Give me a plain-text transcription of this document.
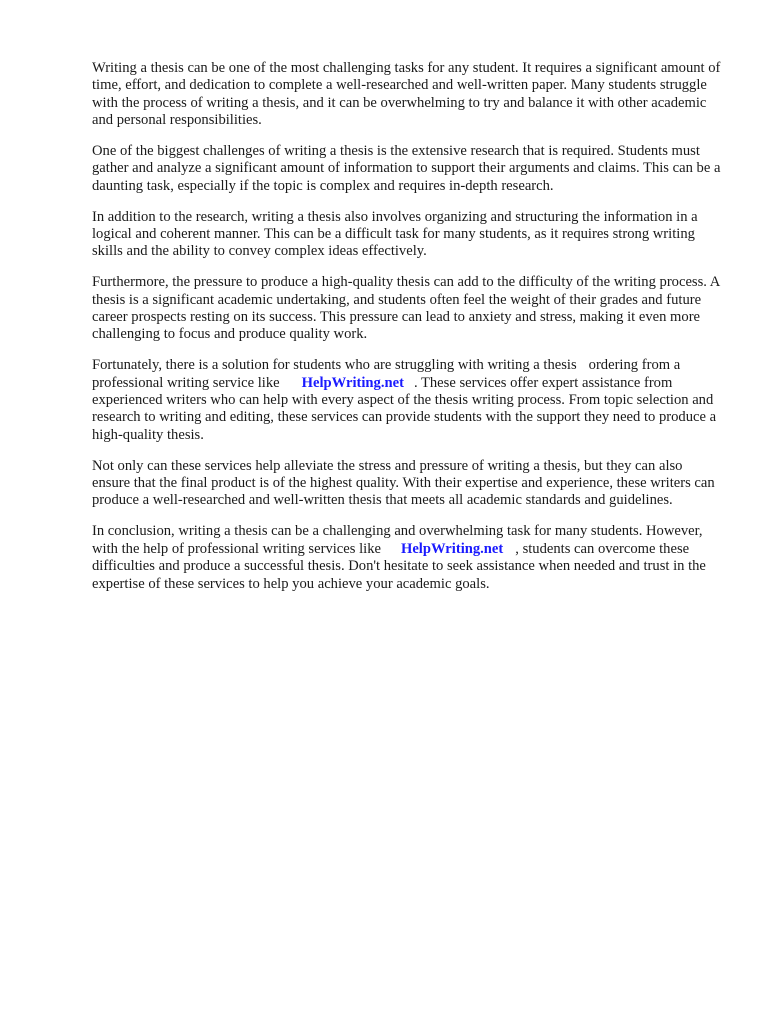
Writing a thesis can be one of the most challenging tasks for any student. It requires a significant amount of time, effort, and dedication to complete a well-researched and well-written paper. Many students struggle with the process of writing a thesis, and it can be overwhelming to try and balance it with other academic and personal responsibilities.

One of the biggest challenges of writing a thesis is the extensive research that is required. Students must gather and analyze a significant amount of information to support their arguments and claims. This can be a daunting task, especially if the topic is complex and requires in-depth research.

In addition to the research, writing a thesis also involves organizing and structuring the information in a logical and coherent manner. This can be a difficult task for many students, as it requires strong writing skills and the ability to convey complex ideas effectively.

Furthermore, the pressure to produce a high-quality thesis can add to the difficulty of the writing process. A thesis is a significant academic undertaking, and students often feel the weight of their grades and future career prospects resting on its success. This pressure can lead to anxiety and stress, making it even more challenging to focus and produce quality work.

Fortunately, there is a solution for students who are struggling with writing a thesis ordering from a professional writing service like HelpWriting.net . These services offer expert assistance from experienced writers who can help with every aspect of the thesis writing process. From topic selection and research to writing and editing, these services can provide students with the support they need to produce a high-quality thesis.

Not only can these services help alleviate the stress and pressure of writing a thesis, but they can also ensure that the final product is of the highest quality. With their expertise and experience, these writers can produce a well-researched and well-written thesis that meets all academic standards and guidelines.

In conclusion, writing a thesis can be a challenging and overwhelming task for many students. However, with the help of professional writing services like HelpWriting.net , students can overcome these difficulties and produce a successful thesis. Don't hesitate to seek assistance when needed and trust in the expertise of these services to help you achieve your academic goals.
